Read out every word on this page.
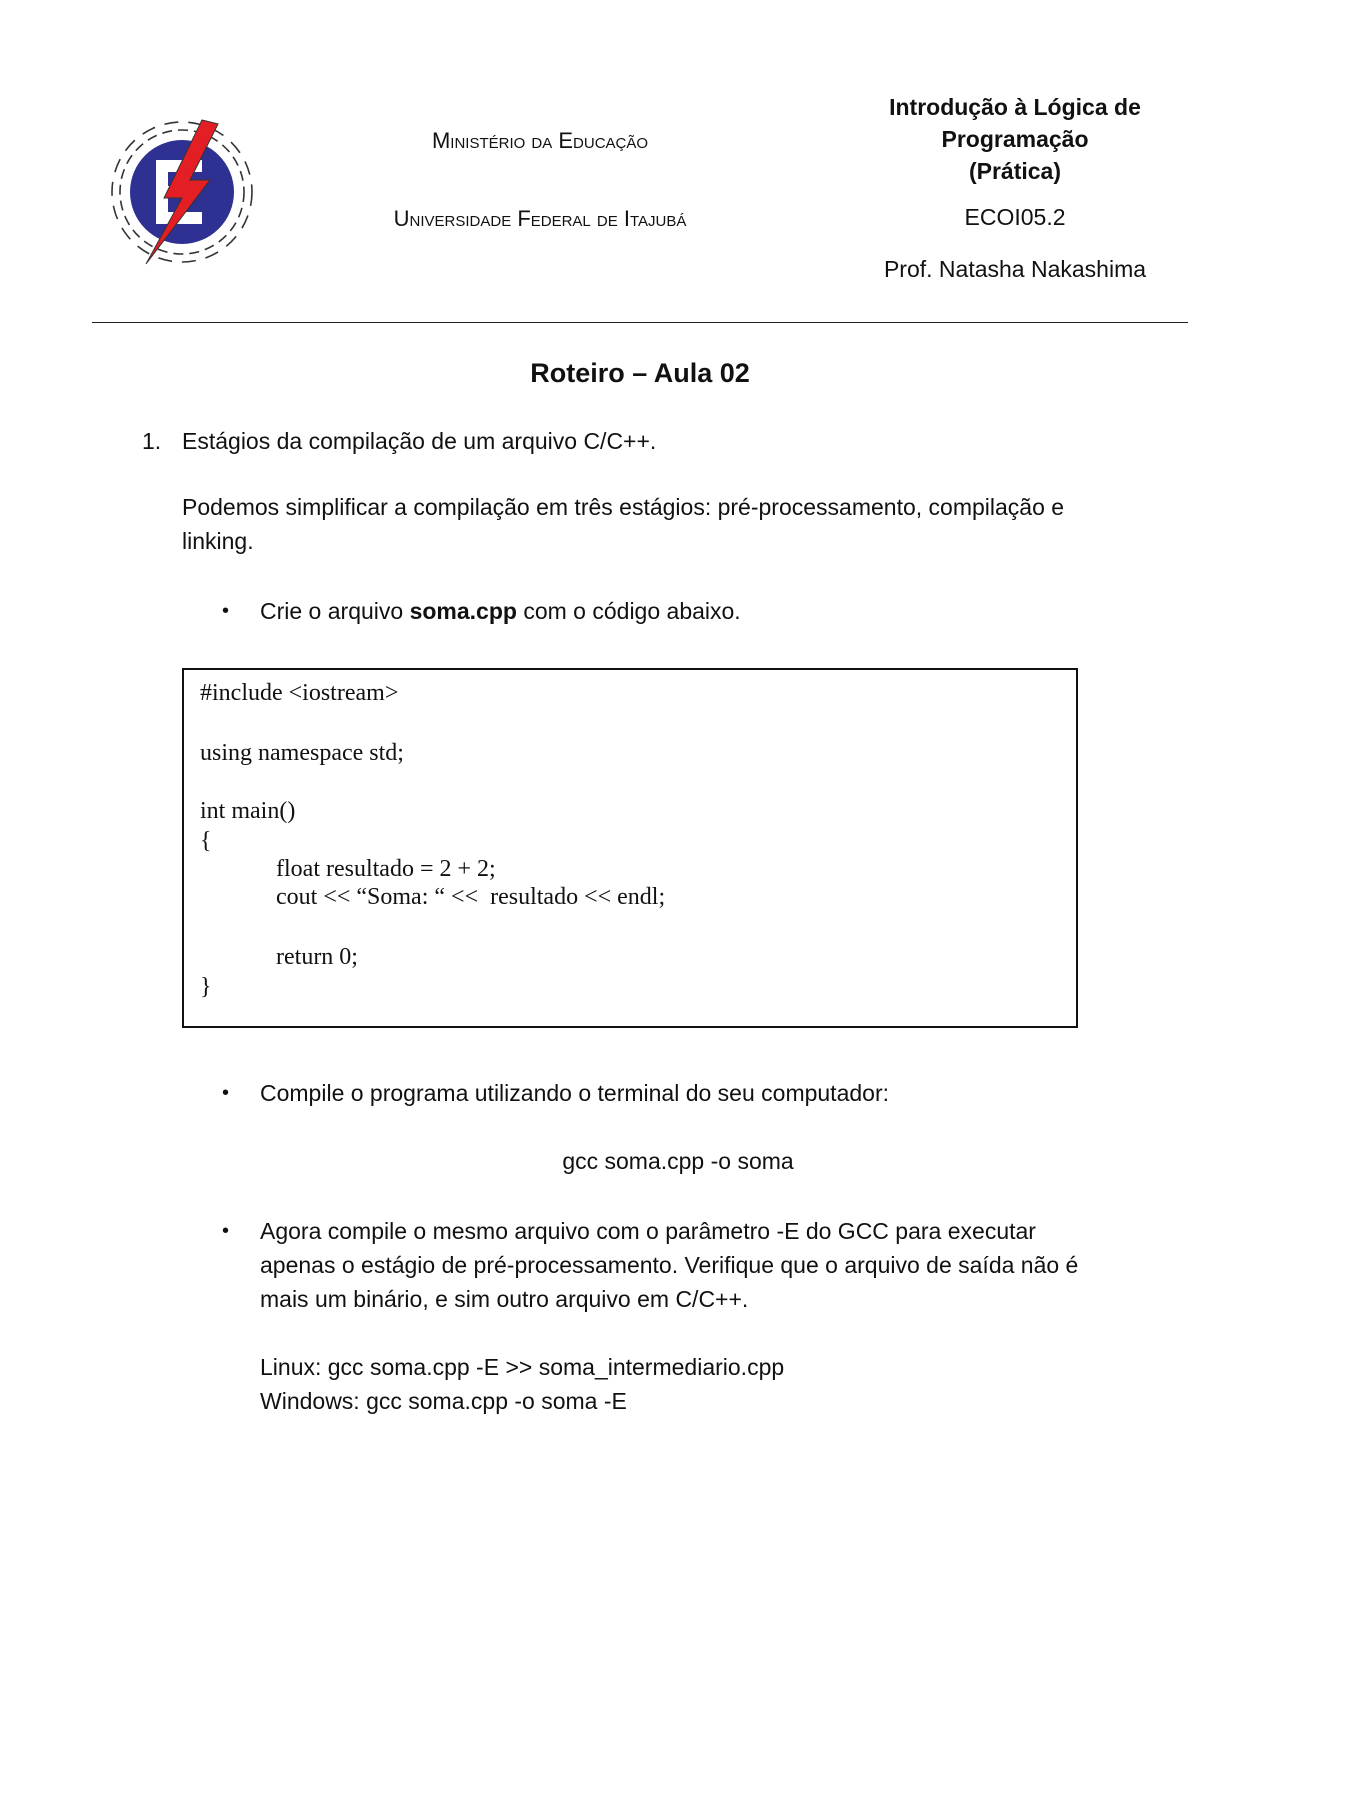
E
Ministério da Educação
Universidade Federal de Itajubá
Introdução à Lógica de
Programação
(Prática)
ECOI05.2
Prof. Natasha Nakashima
Roteiro – Aula 02
1. Estágios da compilação de um arquivo C/C++.
Podemos simplificar a compilação em três estágios: pré-processamento, compilação e
linking.
• Crie o arquivo soma.cpp com o código abaixo.
#include <iostream>
using namespace std;
int main()
{
float resultado = 2 + 2;
cout << “Soma: “ <<  resultado << endl;
return 0;
}
• Compile o programa utilizando o terminal do seu computador:
gcc soma.cpp -o soma
• Agora compile o mesmo arquivo com o parâmetro -E do GCC para executar
apenas o estágio de pré-processamento. Verifique que o arquivo de saída não é
mais um binário, e sim outro arquivo em C/C++.
Linux: gcc soma.cpp -E >> soma_intermediario.cpp
Windows: gcc soma.cpp -o soma -E
